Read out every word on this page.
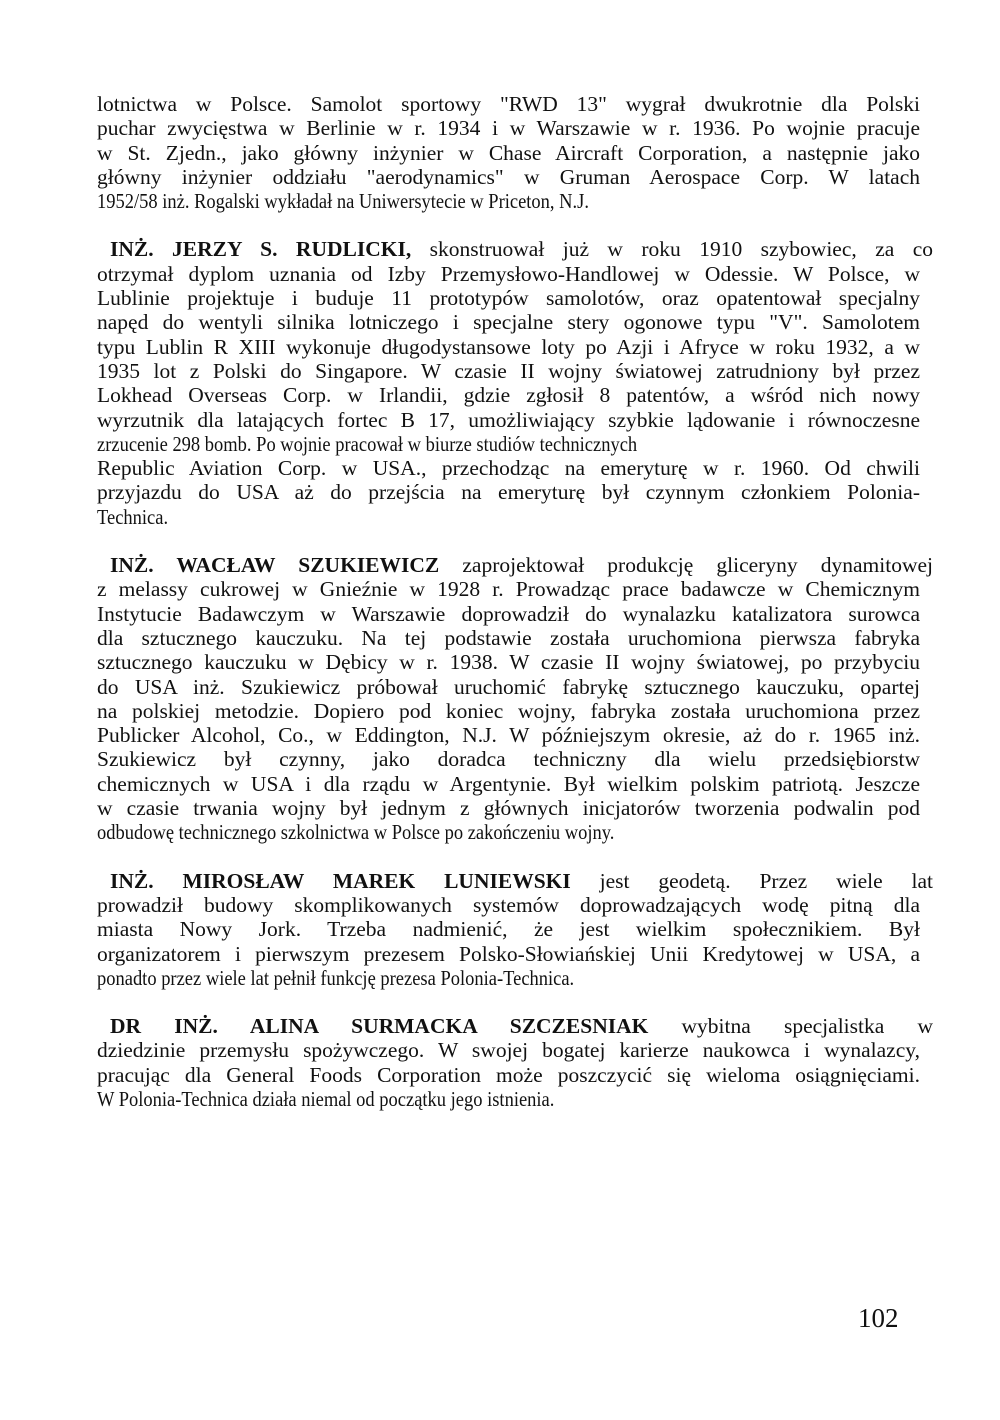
lotnictwa w Polsce. Samolot sportowy "RWD 13" wygrał dwukrotnie dla Polski
puchar zwycięstwa w Berlinie w r. 1934 i w Warszawie w r. 1936. Po wojnie pracuje
w St. Zjedn., jako główny inżynier w Chase Aircraft Corporation, a następnie jako
główny inżynier oddziału "aerodynamics" w Gruman Aerospace Corp. W latach
1952/58 inż. Rogalski wykładał na Uniwersytecie w Priceton, N.J.
INŻ. JERZY S. RUDLICKI, skonstruował już w roku 1910 szybowiec, za co
otrzymał dyplom uznania od Izby Przemysłowo-Handlowej w Odessie. W Polsce, w
Lublinie projektuje i buduje 11 prototypów samolotów, oraz opatentował specjalny
napęd do wentyli silnika lotniczego i specjalne stery ogonowe typu "V". Samolotem
typu Lublin R XIII wykonuje długodystansowe loty po Azji i Afryce w roku 1932, a w
1935 lot z Polski do Singapore. W czasie II wojny światowej zatrudniony był przez
Lokhead Overseas Corp. w Irlandii, gdzie zgłosił 8 patentów, a wśród nich nowy
wyrzutnik dla latających fortec B 17, umożliwiający szybkie lądowanie i równoczesne
zrzucenie 298 bomb. Po wojnie pracował w biurze studiów technicznych
Republic Aviation Corp. w USA., przechodząc na emeryturę w r. 1960. Od chwili
przyjazdu do USA aż do przejścia na emeryturę był czynnym członkiem Polonia-
Technica.
INŻ. WACŁAW SZUKIEWICZ zaprojektował produkcję gliceryny dynamitowej
z melassy cukrowej w Gnieźnie w 1928 r. Prowadząc prace badawcze w Chemicznym
Instytucie Badawczym w Warszawie doprowadził do wynalazku katalizatora surowca
dla sztucznego kauczuku. Na tej podstawie została uruchomiona pierwsza fabryka
sztucznego kauczuku w Dębicy w r. 1938. W czasie II wojny światowej, po przybyciu
do USA inż. Szukiewicz próbował uruchomić fabrykę sztucznego kauczuku, opartej
na polskiej metodzie. Dopiero pod koniec wojny, fabryka została uruchomiona przez
Publicker Alcohol, Co., w Eddington, N.J. W późniejszym okresie, aż do r. 1965 inż.
Szukiewicz był czynny, jako doradca techniczny dla wielu przedsiębiorstw
chemicznych w USA i dla rządu w Argentynie. Był wielkim polskim patriotą. Jeszcze
w czasie trwania wojny był jednym z głównych inicjatorów tworzenia podwalin pod
odbudowę technicznego szkolnictwa w Polsce po zakończeniu wojny.
INŻ. MIROSŁAW MAREK LUNIEWSKI jest geodetą. Przez wiele lat
prowadził budowy skomplikowanych systemów doprowadzających wodę pitną dla
miasta Nowy Jork. Trzeba nadmienić, że jest wielkim społecznikiem. Był
organizatorem i pierwszym prezesem Polsko-Słowiańskiej Unii Kredytowej w USA, a
ponadto przez wiele lat pełnił funkcję prezesa Polonia-Technica.
DR INŻ. ALINA SURMACKA SZCZESNIAK wybitna specjalistka w
dziedzinie przemysłu spożywczego. W swojej bogatej karierze naukowca i wynalazcy,
pracując dla General Foods Corporation może poszczycić się wieloma osiągnięciami.
W Polonia-Technica działa niemal od początku jego istnienia.
102
